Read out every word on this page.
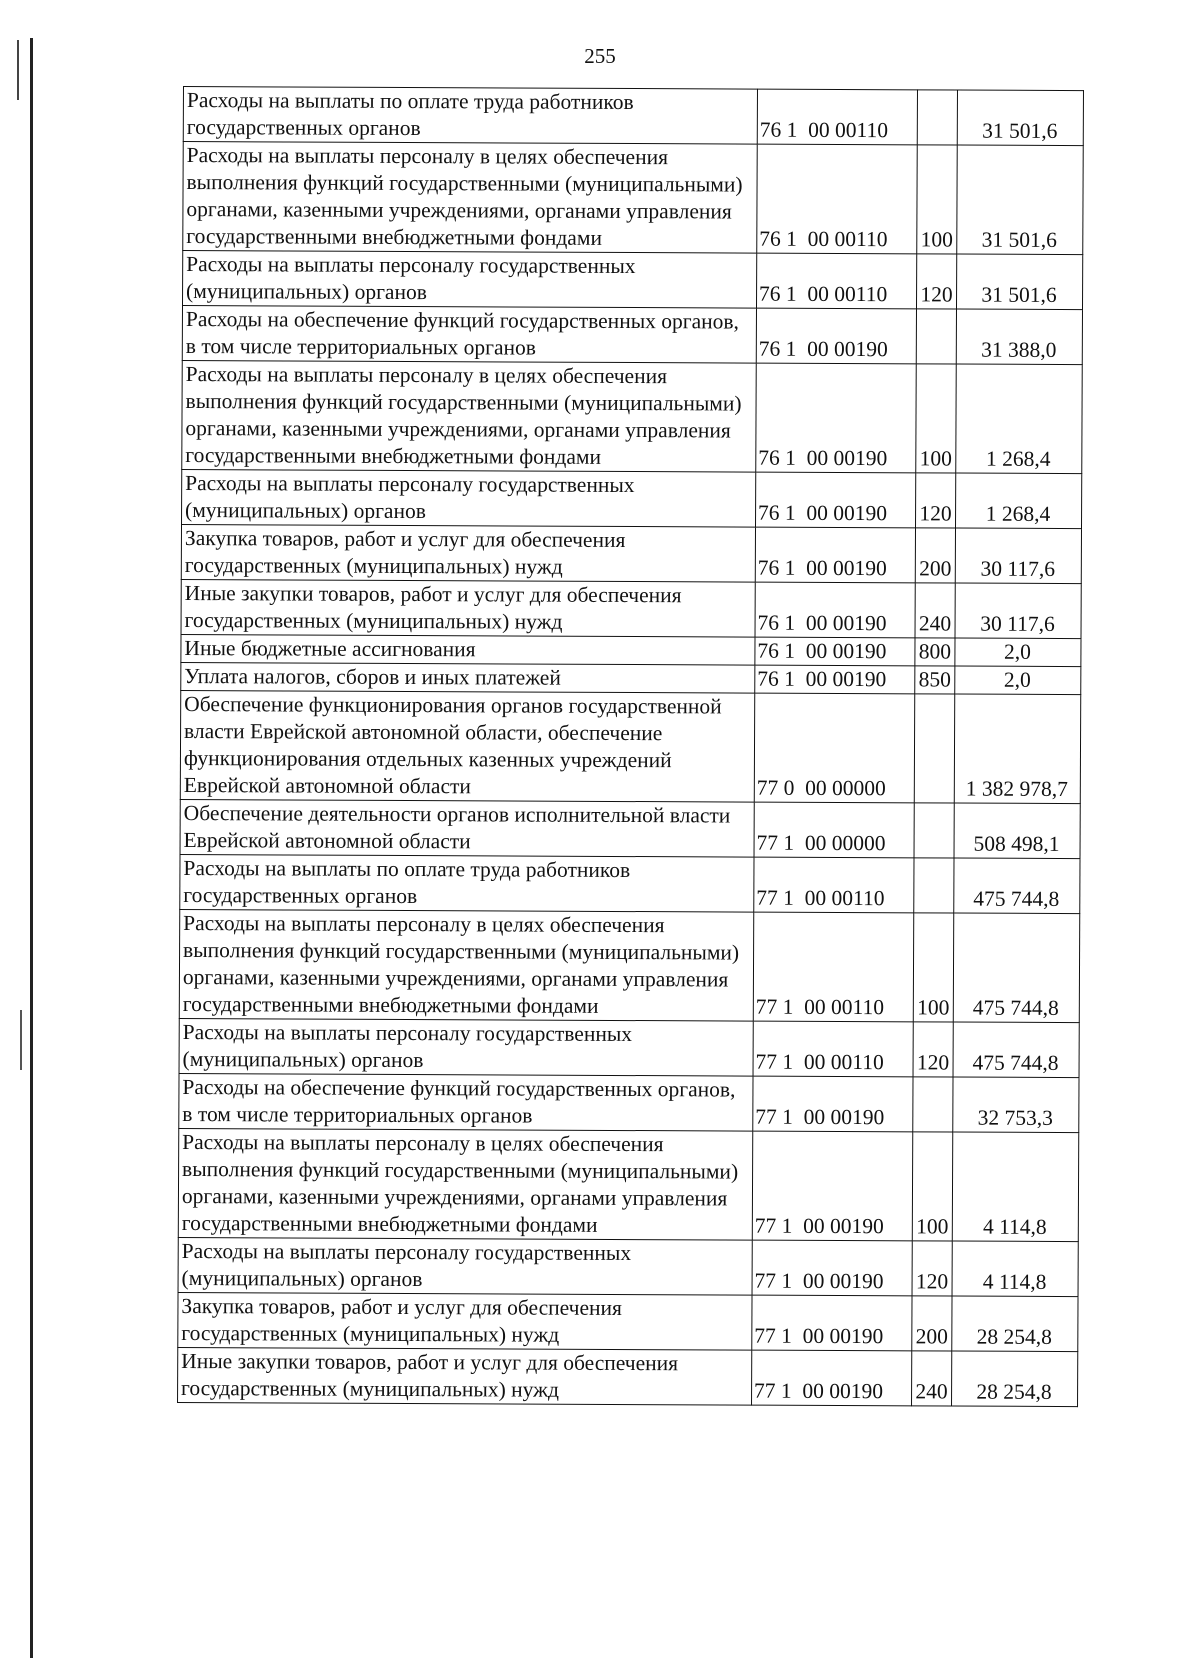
255
Расходы на выплаты по оплате труда работников государственных органов	76 1  00 00110		31 501,6
Расходы на выплаты персоналу в целях обеспечения выполнения функций государственными (муниципальными) органами, казенными учреждениями, органами управления государственными внебюджетными фондами	76 1  00 00110	100	31 501,6
Расходы на выплаты персоналу государственных (муниципальных) органов	76 1  00 00110	120	31 501,6
Расходы на обеспечение функций государственных органов, в том числе территориальных органов	76 1  00 00190		31 388,0
Расходы на выплаты персоналу в целях обеспечения выполнения функций государственными (муниципальными) органами, казенными учреждениями, органами управления государственными внебюджетными фондами	76 1  00 00190	100	1 268,4
Расходы на выплаты персоналу государственных (муниципальных) органов	76 1  00 00190	120	1 268,4
Закупка товаров, работ и услуг для обеспечения государственных (муниципальных) нужд	76 1  00 00190	200	30 117,6
Иные закупки товаров, работ и услуг для обеспечения государственных (муниципальных) нужд	76 1  00 00190	240	30 117,6
Иные бюджетные ассигнования	76 1  00 00190	800	2,0
Уплата налогов, сборов и иных платежей	76 1  00 00190	850	2,0
Обеспечение функционирования органов государственной власти Еврейской автономной области, обеспечение функционирования отдельных казенных учреждений Еврейской автономной области	77 0  00 00000		1 382 978,7
Обеспечение деятельности органов исполнительной власти Еврейской автономной области	77 1  00 00000		508 498,1
Расходы на выплаты по оплате труда работников государственных органов	77 1  00 00110		475 744,8
Расходы на выплаты персоналу в целях обеспечения выполнения функций государственными (муниципальными) органами, казенными учреждениями, органами управления государственными внебюджетными фондами	77 1  00 00110	100	475 744,8
Расходы на выплаты персоналу государственных (муниципальных) органов	77 1  00 00110	120	475 744,8
Расходы на обеспечение функций государственных органов, в том числе территориальных органов	77 1  00 00190		32 753,3
Расходы на выплаты персоналу в целях обеспечения выполнения функций государственными (муниципальными) органами, казенными учреждениями, органами управления государственными внебюджетными фондами	77 1  00 00190	100	4 114,8
Расходы на выплаты персоналу государственных (муниципальных) органов	77 1  00 00190	120	4 114,8
Закупка товаров, работ и услуг для обеспечения государственных (муниципальных) нужд	77 1  00 00190	200	28 254,8
Иные закупки товаров, работ и услуг для обеспечения государственных (муниципальных) нужд	77 1  00 00190	240	28 254,8
